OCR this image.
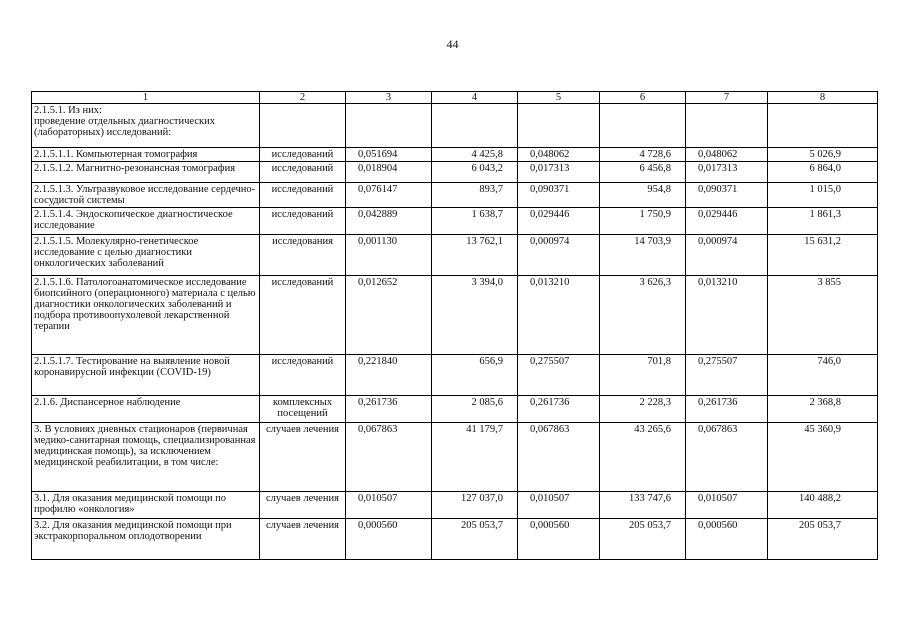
44
1	2	3	4	5	6	7	8
2.1.5.1. Из них:
проведение отдельных диагностических (лабораторных) исследований:							
2.1.5.1.1. Компьютерная томография	исследований	0,051694	4 425,8	0,048062	4 728,6	0,048062	5 026,9
2.1.5.1.2. Магнитно-резонансная томография	исследований	0,018904	6 043,2	0,017313	6 456,8	0,017313	6 864,0
2.1.5.1.3. Ультразвуковое исследование сердечно-сосудистой системы	исследований	0,076147	893,7	0,090371	954,8	0,090371	1 015,0
2.1.5.1.4. Эндоскопическое диагностическое исследование	исследований	0,042889	1 638,7	0,029446	1 750,9	0,029446	1 861,3
2.1.5.1.5. Молекулярно-генетическое исследование с целью диагностики онкологических заболеваний	исследования	0,001130	13 762,1	0,000974	14 703,9	0,000974	15 631,2
2.1.5.1.6. Патологоанатомическое исследование биопсийного (операционного) материала с целью диагностики онкологических заболеваний и подбора противоопухолевой лекарственной терапии	исследований	0,012652	3 394,0	0,013210	3 626,3	0,013210	3 855
2.1.5.1.7. Тестирование на выявление новой коронавирусной инфекции (COVID-19)	исследований	0,221840	656,9	0,275507	701,8	0,275507	746,0
2.1.6. Диспансерное наблюдение	комплексных посещений	0,261736	2 085,6	0,261736	2 228,3	0,261736	2 368,8
3. В условиях дневных стационаров (первичная медико-санитарная помощь, специализированная медицинская помощь), за исключением медицинской реабилитации, в том числе:	случаев лечения	0,067863	41 179,7	0,067863	43 265,6	0,067863	45 360,9
3.1. Для оказания медицинской помощи по профилю «онкология»	случаев лечения	0,010507	127 037,0	0,010507	133 747,6	0,010507	140 488,2
3.2. Для оказания медицинской помощи при экстракорпоральном оплодотворении	случаев лечения	0,000560	205 053,7	0,000560	205 053,7	0,000560	205 053,7
